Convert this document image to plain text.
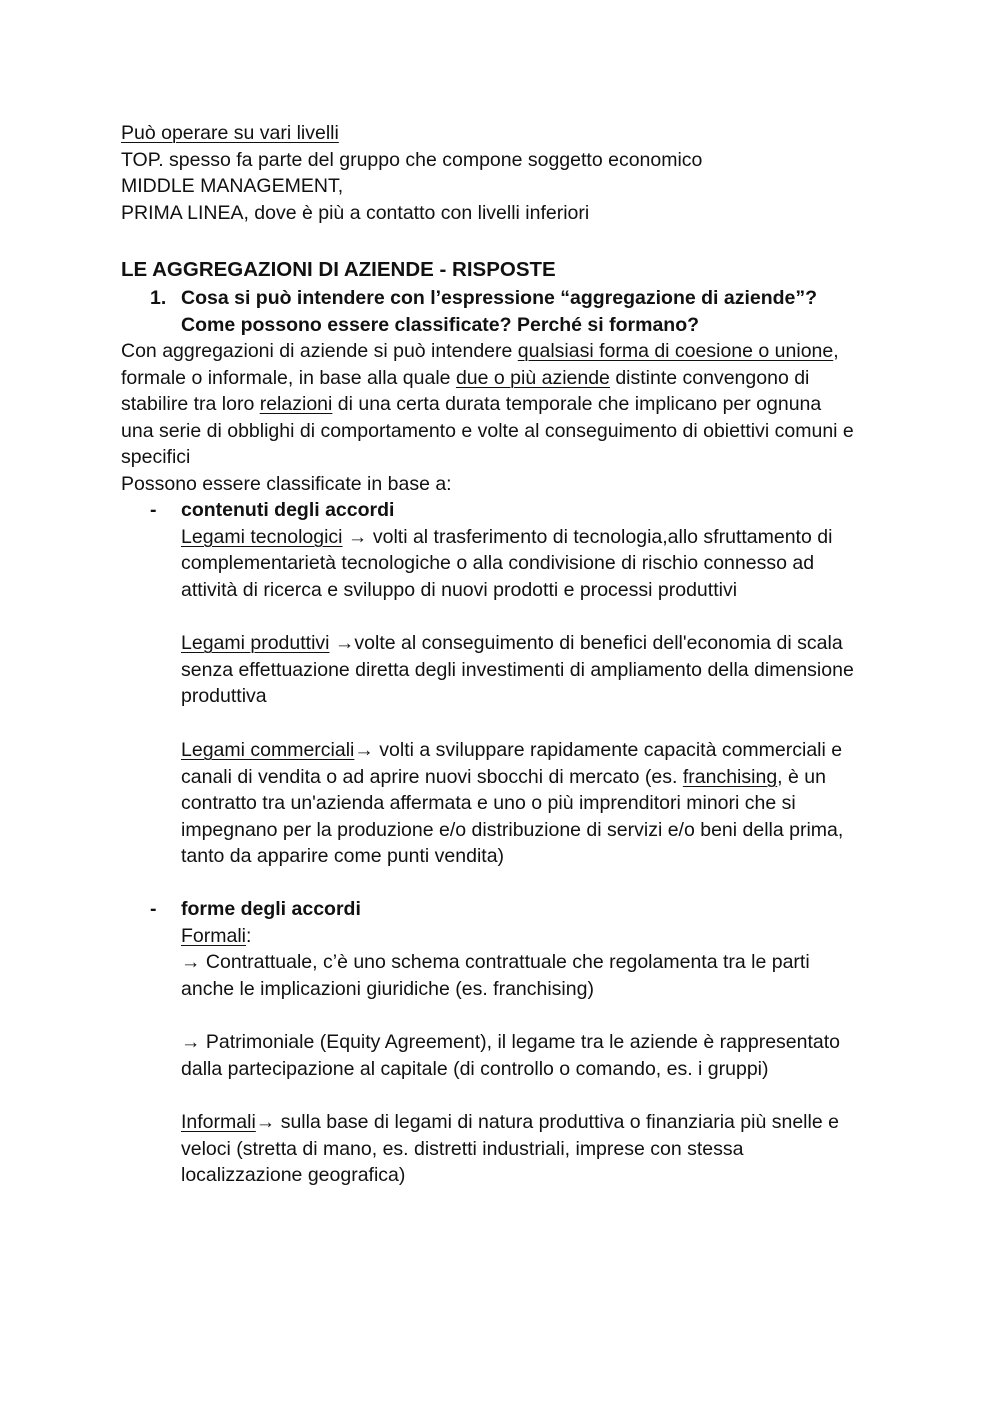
Può operare su vari livelli
TOP. spesso fa parte del gruppo che compone soggetto economico
MIDDLE MANAGEMENT,
PRIMA LINEA, dove è più a contatto con livelli inferiori
LE AGGREGAZIONI DI AZIENDE - RISPOSTE
1. Cosa si può intendere con l’espressione “aggregazione di aziende”?
Come possono essere classificate? Perché si formano?
Con aggregazioni di aziende si può intendere qualsiasi forma di coesione o unione,
formale o informale, in base alla quale due o più aziende distinte convengono di
stabilire tra loro relazioni di una certa durata temporale che implicano per ognuna
una serie di obblighi di comportamento e volte al conseguimento di obiettivi comuni e
specifici
Possono essere classificate in base a:
- contenuti degli accordi
Legami tecnologici → volti al trasferimento di tecnologia,allo sfruttamento di
complementarietà tecnologiche o alla condivisione di rischio connesso ad
attività di ricerca e sviluppo di nuovi prodotti e processi produttivi
Legami produttivi →volte al conseguimento di benefici dell'economia di scala
senza effettuazione diretta degli investimenti di ampliamento della dimensione
produttiva
Legami commerciali→ volti a sviluppare rapidamente capacità commerciali e
canali di vendita o ad aprire nuovi sbocchi di mercato (es. franchising, è un
contratto tra un'azienda affermata e uno o più imprenditori minori che si
impegnano per la produzione e/o distribuzione di servizi e/o beni della prima,
tanto da apparire come punti vendita)
- forme degli accordi
Formali:
→ Contrattuale, c’è uno schema contrattuale che regolamenta tra le parti
anche le implicazioni giuridiche (es. franchising)
→ Patrimoniale (Equity Agreement), il legame tra le aziende è rappresentato
dalla partecipazione al capitale (di controllo o comando, es. i gruppi)
Informali→ sulla base di legami di natura produttiva o finanziaria più snelle e
veloci (stretta di mano, es. distretti industriali, imprese con stessa
localizzazione geografica)
